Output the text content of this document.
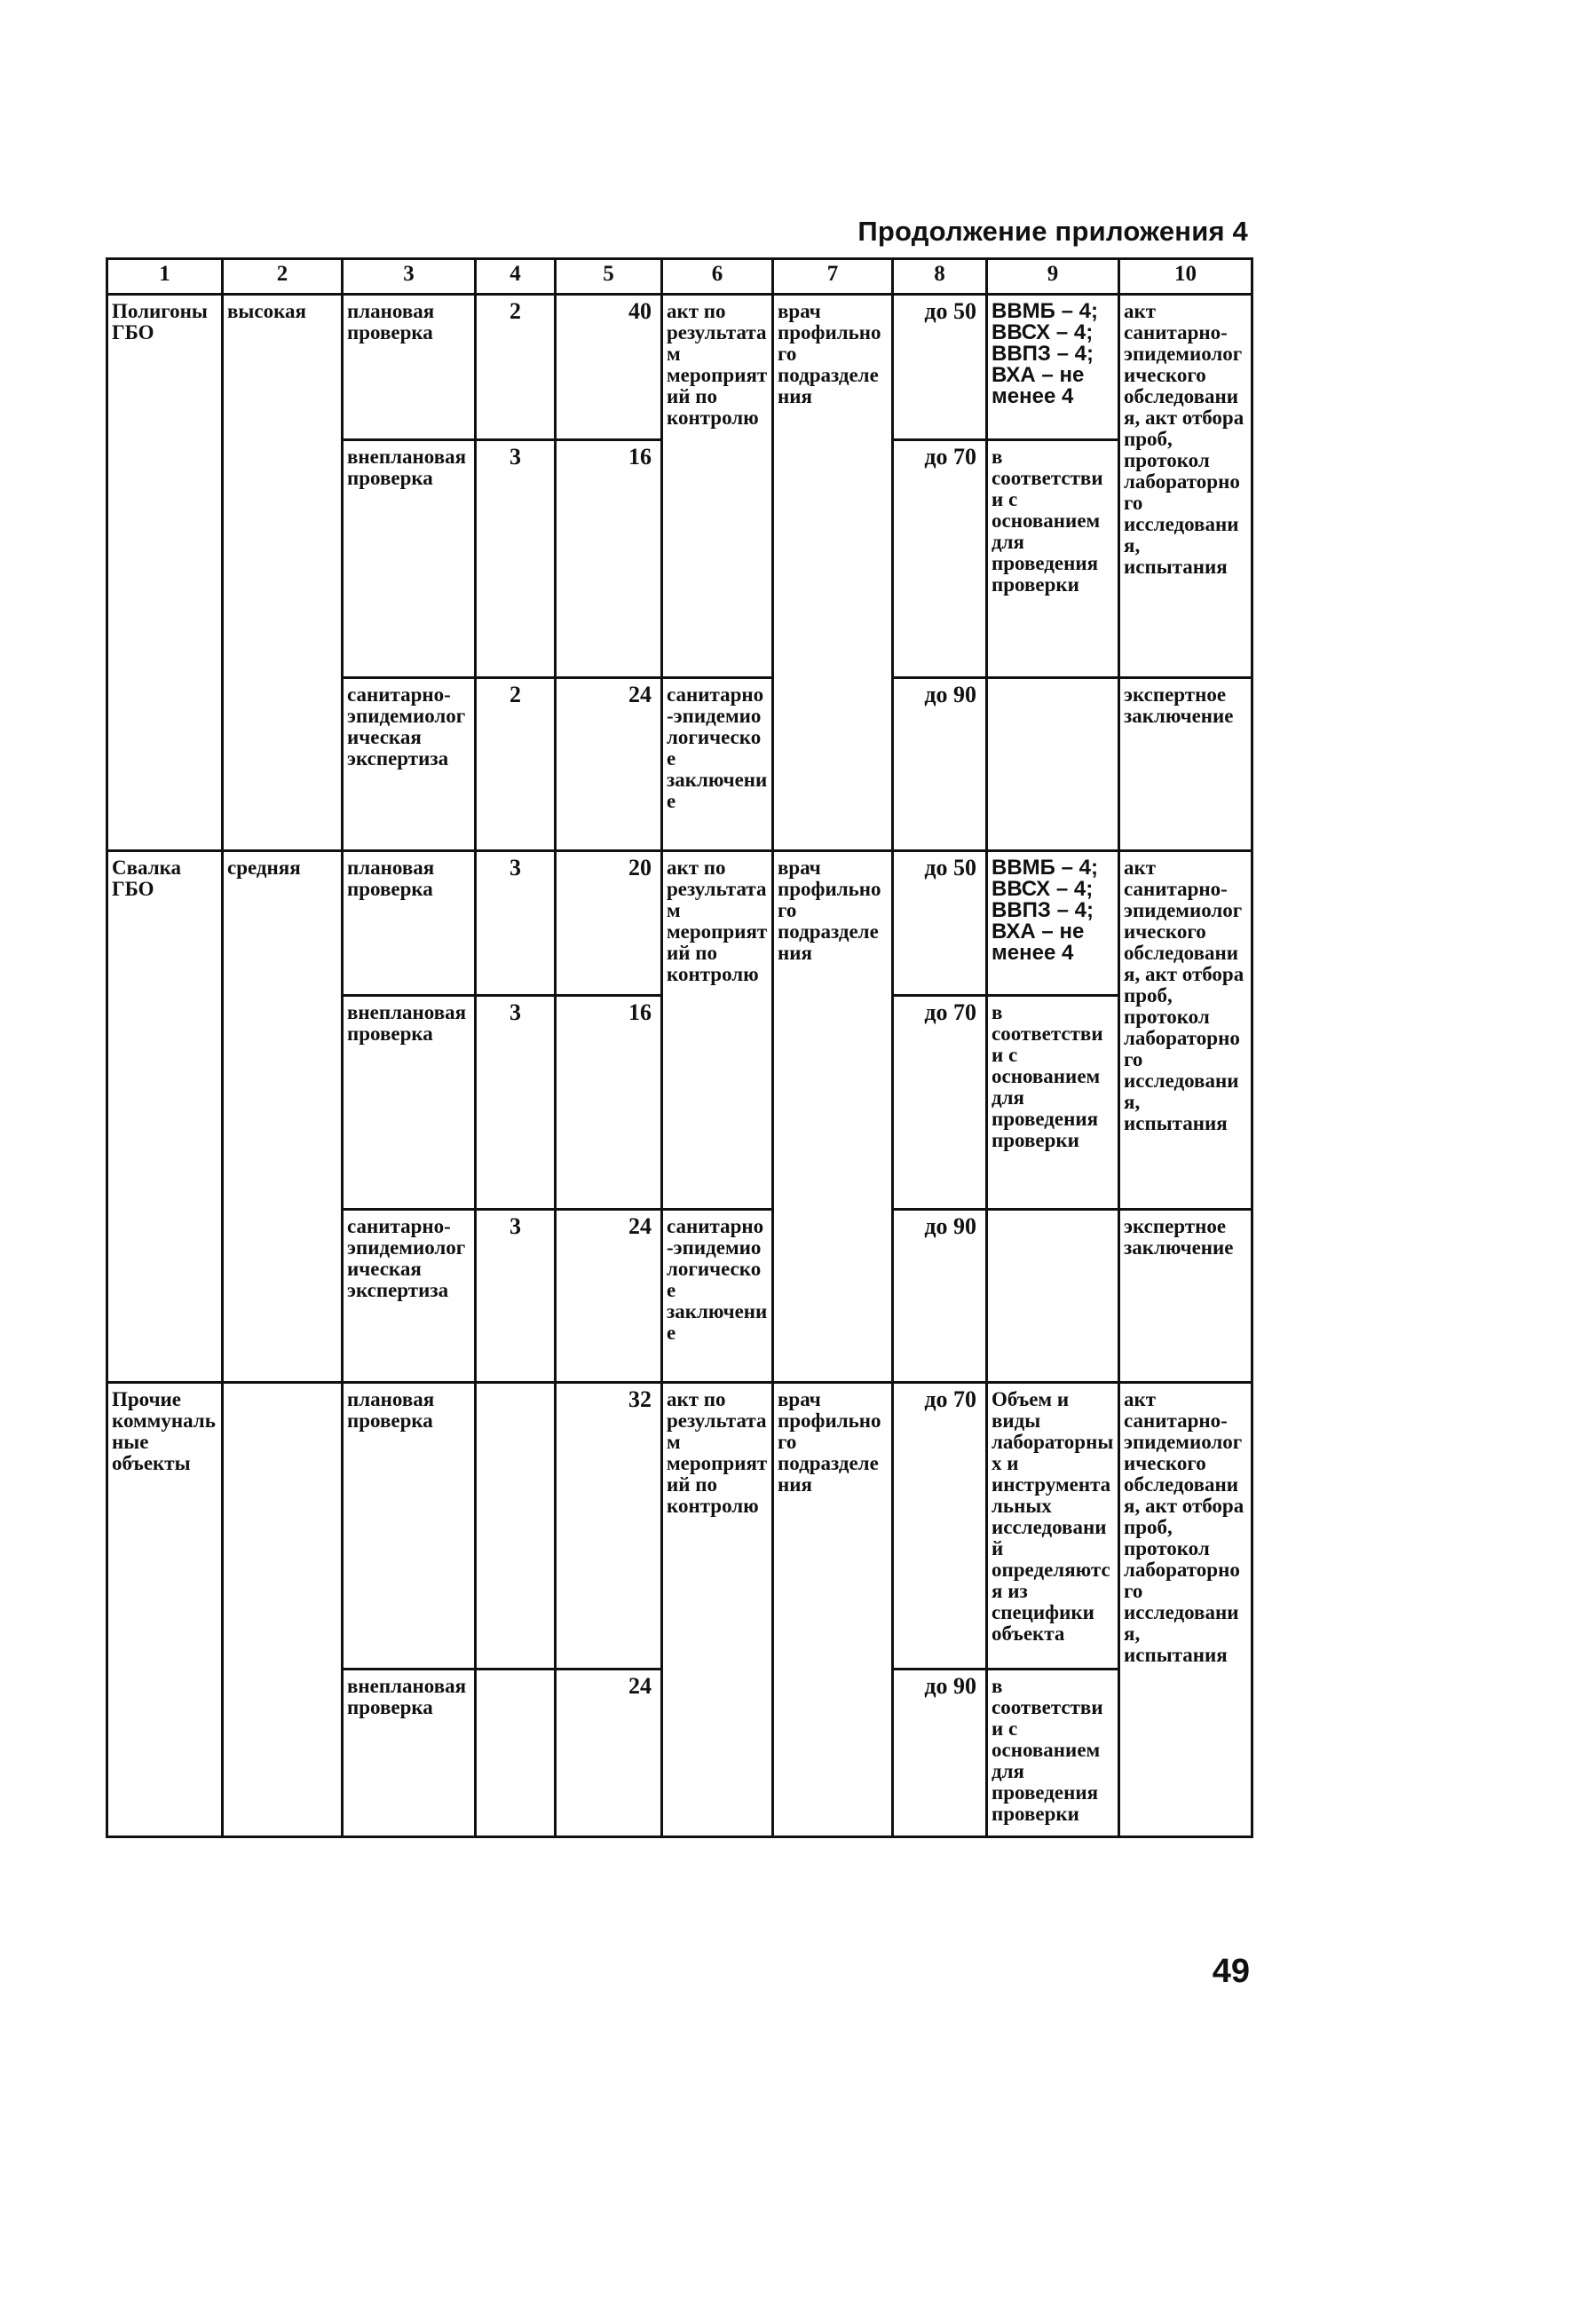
Продолжение приложения 4
1	2	3	4	5	6	7	8	9	10
Полигоны ГБО	высокая	плановая проверка	2	40	акт по результатам мероприятий по контролю	врач профильного подразделения	до 50	ВВМБ – 4; ВВСХ – 4; ВВПЗ – 4; ВХА – не менее 4	акт санитарно-эпидемиологического обследования, акт отбора проб, протокол лабораторного исследования, испытания
		внеплановая проверка	3	16			до 70	в соответствии с основанием для проведения проверки	
		санитарно-эпидемиологическая экспертиза	2	24	санитарно-эпидемиологическое заключение		до 90		экспертное заключение
Свалка ГБО	средняя	плановая проверка	3	20	акт по результатам мероприятий по контролю	врач профильного подразделения	до 50	ВВМБ – 4; ВВСХ – 4; ВВПЗ – 4; ВХА – не менее 4	акт санитарно-эпидемиологического обследования, акт отбора проб, протокол лабораторного исследования, испытания
		внеплановая проверка	3	16			до 70	в соответствии с основанием для проведения проверки	
		санитарно-эпидемиологическая экспертиза	3	24	санитарно-эпидемиологическое заключение		до 90		экспертное заключение
Прочие коммунальные объекты		плановая проверка		32	акт по результатам мероприятий по контролю	врач профильного подразделения	до 70	Объем и виды лабораторных и инструментальных исследований определяются из специфики объекта	акт санитарно-эпидемиологического обследования, акт отбора проб, протокол лабораторного исследования, испытания
		внеплановая проверка		24			до 90	в соответствии с основанием для проведения проверки	
49
